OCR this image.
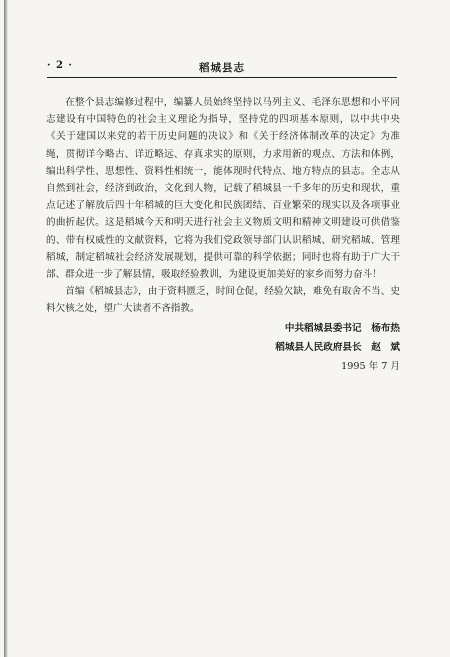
· 2 ·	稻城县志

在整个县志编修过程中，编纂人员始终坚持以马列主义、毛泽东思想和小平同志建设有中国特色的社会主义理论为指导，坚持党的四项基本原则，以中共中央《关于建国以来党的若干历史问题的决议》和《关于经济体制改革的决定》为准绳，贯彻详今略古、详近略远、存真求实的原则，力求用新的观点、方法和体例，编出科学性、思想性、资料性相统一，能体现时代特点、地方特点的县志。全志从自然到社会，经济到政治，文化到人物，记载了稻城县一千多年的历史和现状，重点记述了解放后四十年稻城的巨大变化和民族团结、百业繁荣的现实以及各项事业的曲折起伏。这是稻城今天和明天进行社会主义物质文明和精神文明建设可供借鉴的、带有权威性的文献资料，它将为我们党政领导部门认识稻城、研究稻城、管理稻城，制定稻城社会经济发展规划，提供可靠的科学依据；同时也将有助于广大干部、群众进一步了解县情，吸取经验教训，为建设更加美好的家乡而努力奋斗！

首编《稻城县志》，由于资料匮乏，时间仓促，经验欠缺，难免有取舍不当、史料欠核之处，望广大读者不吝指教。

中共稻城县委书记　杨布热
稻城县人民政府县长　赵　斌
1995 年 7 月
